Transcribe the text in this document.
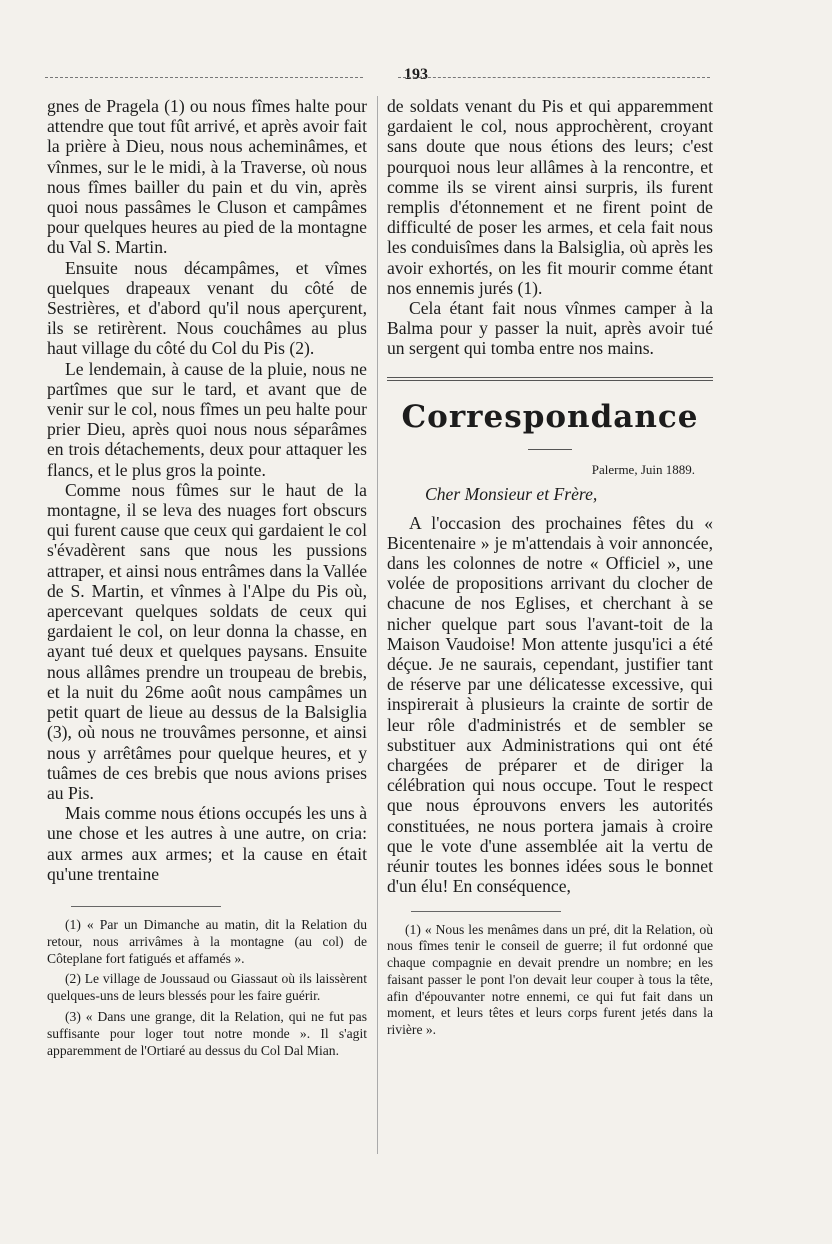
193

gnes de Pragela (1) ou nous fîmes halte pour attendre que tout fût arrivé, et après avoir fait la prière à Dieu, nous nous acheminâmes, et vînmes, sur le le midi, à la Traverse, où nous nous fîmes bailler du pain et du vin, après quoi nous passâmes le Cluson et campâmes pour quelques heures au pied de la montagne du Val S. Martin.

Ensuite nous décampâmes, et vîmes quelques drapeaux venant du côté de Sestrières, et d'abord qu'il nous aperçurent, ils se retirèrent. Nous couchâmes au plus haut village du côté du Col du Pis (2).

Le lendemain, à cause de la pluie, nous ne partîmes que sur le tard, et avant que de venir sur le col, nous fîmes un peu halte pour prier Dieu, après quoi nous nous séparâmes en trois détachements, deux pour attaquer les flancs, et le plus gros la pointe.

Comme nous fûmes sur le haut de la montagne, il se leva des nuages fort obscurs qui furent cause que ceux qui gardaient le col s'évadèrent sans que nous les pussions attraper, et ainsi nous entrâmes dans la Vallée de S. Martin, et vînmes à l'Alpe du Pis où, apercevant quelques soldats de ceux qui gardaient le col, on leur donna la chasse, en ayant tué deux et quelques paysans. Ensuite nous allâmes prendre un troupeau de brebis, et la nuit du 26me août nous campâmes un petit quart de lieue au dessus de la Balsiglia (3), où nous ne trouvâmes personne, et ainsi nous y arrêtâmes pour quelque heures, et y tuâmes de ces brebis que nous avions prises au Pis.

Mais comme nous étions occupés les uns à une chose et les autres à une autre, on cria: aux armes aux armes; et la cause en était qu'une trentaine

(1) « Par un Dimanche au matin, dit la Relation du retour, nous arrivâmes à la montagne (au col) de Côteplane fort fatigués et affamés ».

(2) Le village de Joussaud ou Giassaut où ils laissèrent quelques-uns de leurs blessés pour les faire guérir.

(3) « Dans une grange, dit la Relation, qui ne fut pas suffisante pour loger tout notre monde ». Il s'agit apparemment de l'Ortiaré au dessus du Col Dal Mian.

de soldats venant du Pis et qui apparemment gardaient le col, nous approchèrent, croyant sans doute que nous étions des leurs; c'est pourquoi nous leur allâmes à la rencontre, et comme ils se virent ainsi surpris, ils furent remplis d'étonnement et ne firent point de difficulté de poser les armes, et cela fait nous les conduisîmes dans la Balsiglia, où après les avoir exhortés, on les fit mourir comme étant nos ennemis jurés (1).

Cela étant fait nous vînmes camper à la Balma pour y passer la nuit, après avoir tué un sergent qui tomba entre nos mains.

Correspondance
Palerme, Juin 1889.
Cher Monsieur et Frère,

A l'occasion des prochaines fêtes du « Bicentenaire » je m'attendais à voir annoncée, dans les colonnes de notre « Officiel », une volée de propositions arrivant du clocher de chacune de nos Eglises, et cherchant à se nicher quelque part sous l'avant-toit de la Maison Vaudoise! Mon attente jusqu'ici a été déçue. Je ne saurais, cependant, justifier tant de réserve par une délicatesse excessive, qui inspirerait à plusieurs la crainte de sortir de leur rôle d'administrés et de sembler se substituer aux Administrations qui ont été chargées de préparer et de diriger la célébration qui nous occupe. Tout le respect que nous éprouvons envers les autorités constituées, ne nous portera jamais à croire que le vote d'une assemblée ait la vertu de réunir toutes les bonnes idées sous le bonnet d'un élu! En conséquence,

(1) « Nous les menâmes dans un pré, dit la Relation, où nous fîmes tenir le conseil de guerre; il fut ordonné que chaque compagnie en devait prendre un nombre; en les faisant passer le pont l'on devait leur couper à tous la tête, afin d'épouvanter notre ennemi, ce qui fut fait dans un moment, et leurs têtes et leurs corps furent jetés dans la rivière ».
